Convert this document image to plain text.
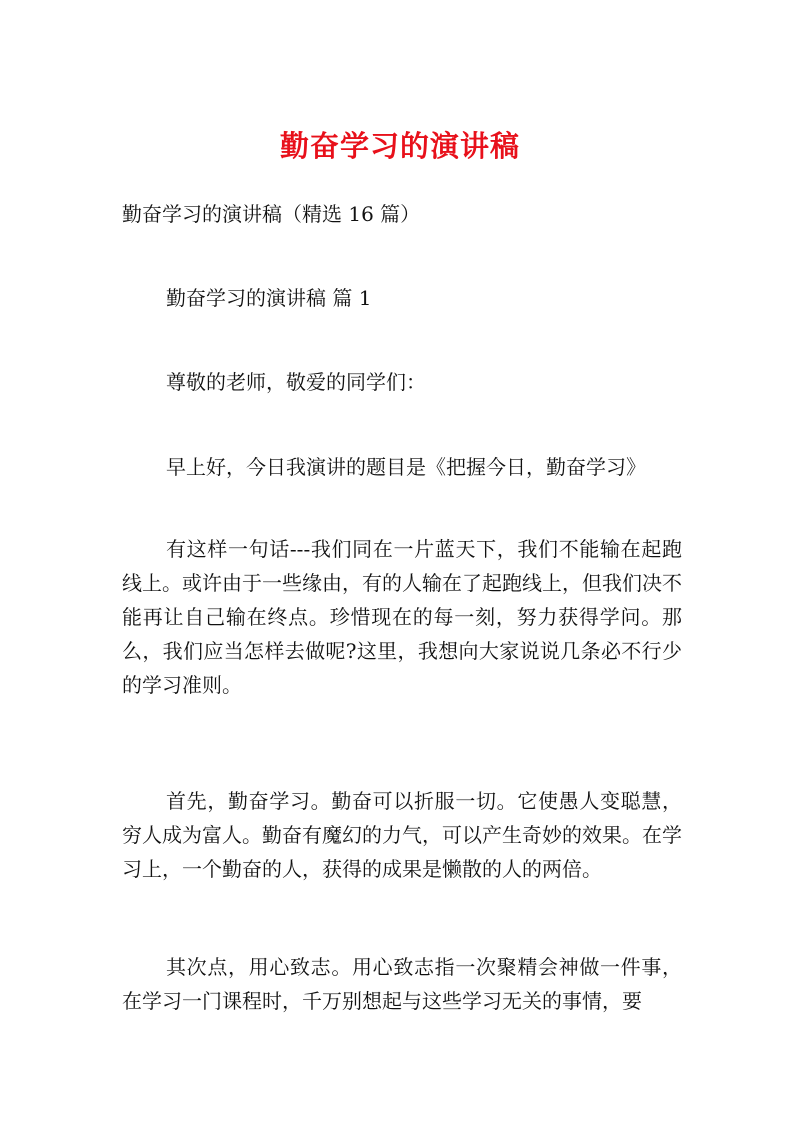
勤奋学习的演讲稿
勤奋学习的演讲稿（精选 16 篇）
勤奋学习的演讲稿 篇 1
尊敬的老师，敬爱的同学们：
早上好，今日我演讲的题目是《把握今日，勤奋学习》

有这样一句话---我们同在一片蓝天下，我们不能输在起跑线上。或许由于一些缘由，有的人输在了起跑线上，但我们决不能再让自己输在终点。珍惜现在的每一刻，努力获得学问。那么，我们应当怎样去做呢?这里，我想向大家说说几条必不行少的学习准则。

首先，勤奋学习。勤奋可以折服一切。它使愚人变聪慧，穷人成为富人。勤奋有魔幻的力气，可以产生奇妙的效果。在学习上，一个勤奋的人，获得的成果是懒散的人的两倍。

其次点，用心致志。用心致志指一次聚精会神做一件事，在学习一门课程时，千万别想起与这些学习无关的事情，要
